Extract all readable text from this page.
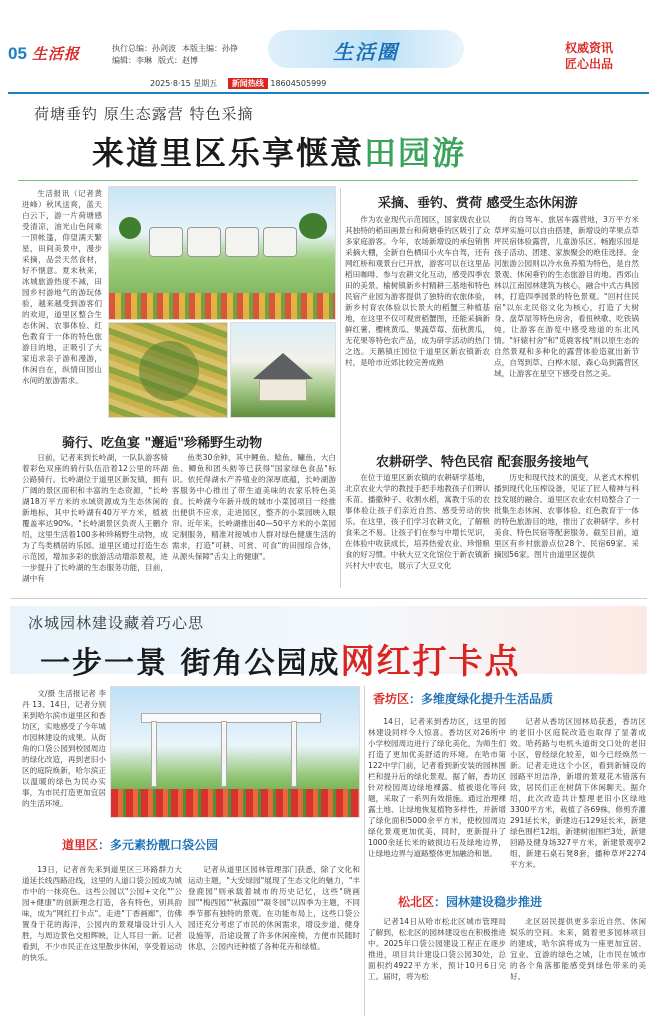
05 生活报	执行总编：孙剑波 本版主编：孙铮
编辑：李琳 版式：赵博	生活圈	权威资讯
匠心出品
2025·8·15 星期五 新闻热线 18604505999
荷塘垂钓 原生态露营 特色采摘
来道里区乐享惬意田园游

生活报讯（记者黄进峰）秋风送爽，蓝天白云下，游一片荷塘感受清凉，油光山色间乘一顶帐篷，仰望满天繁星，田间美景中，漫步采摘，品尝天然食材，好不惬意。夏末秋来，冰城旅游热度不减，田园乡村游地气的游玩体验，越来越受到游客们的欢迎，道里区整合生态休闲、农事体验、红色教育于一体的特色旅游目的地，正吸引了大家追求亲子游和漫游，休闲自在，纵情田园山水间的旅游需求。

采摘、垂钓、赏荷 感受生态休闲游

作为农业现代示范园区，国家级农业以其独特的稻田画景台和荷塘垂钓区吸引了众多家庭游客。今年，农场新增设的承包销售采摘大棚，全新自色栖田小火车自驾，还有网红桥和观景台已开放，游客可以在这里品稻田咖啡、参与农耕文化互动，感受四季农田的美景。榆树镇新乡村精耕三基地和特色民宿产业园为游客提供了独特的农旅体验，新乡村育农体验以长景大的稻蟹三种植基地，在这里不仅可观赏稻蟹图，还能采摘新鲜红薯、樱桃黄瓜、果蔬草莓、茄秋黄瓜，无花果等特色农产品，成为研学活动的热门之选。天鹅镇庄园位于道里区新农镇新农村，是哈市近郊比较完善成熟

的自驾车、旅居车露营地，3万平方米草坪实施可以自由搭建，新增设的苹果点草坪民宿体验露营，儿童游乐区、畅跑乐园是孩子活动、团建、家族聚会的绝佳选择。金河旅游公园则以冷水鱼养殖为特色，是自然景观、休闲垂钓的生态旅游目的地。西郊山林以江南园林建筑为核心，融合中式古典园林，打造四季园景的特色景观。"回村住民宿"以东北民俗文化为核心，打造了大树身、盘草屋等特色房舍，看扭秧歌、吃铁锅炖，让游客在游览中感受地道的东北风情。"轩辕村舍"和"觅鹿客栈"则以原生态的自然景观和多种化的露营体验造就出新节点，自驾到草、白桦木屋、森心岛到露营区域，让游客在星空下感受自然之美。

骑行、吃鱼宴 "邂逅"珍稀野生动物

日前，记者来到长岭湖，一队队游客骑着彩色双座的骑行队伍沿着12公里的环湖公路骑行。长岭湖位于道里区新发镇，拥有广阔的景区面积和丰富的生态资源，"长岭湖18万平方米的水域资源成为生态休闲的新地标，其中长岭湖有40万平方米，植被覆盖率达90%。"长岭湖景区负责人王鹏介绍，这里生活着100多种珍稀野生动物，成为了鸟类栖居的乐园。道里区通过打造生态示范园，增加多彩的旅游活动增添景观，进一步提升了长岭湖的生态服务功能，目前，湖中有

鱼类30余种，其中鲤鱼、鲶鱼、鳙鱼、大白鱼、鲫鱼和团头鲂等已获得"国家绿色食品"标识。依托得湖水产养殖业的深厚底蕴，长岭湖游客服务中心推出了带生道美味的农家乐特色美食。长岭湖今年新升级的城市小菜园项目一经推出便供不应求，走进园区，整齐的小菜园映入眼帘。近年来，长岭湖推出40—50平方米的小菜园定制服务，精准对接城市人群对绿色健康生活的需求，打造"可耕、可赏、可食"的田园综合体，从源头保障"舌尖上的健康"。

农耕研学、特色民宿 配套服务接地气

在位于道里区新农镇的农耕研学基地，北京农业大学的教授手把手地教孩子们辨认禾苗、播撒种子、收割水稻，寓教于乐的农事体验让孩子们亲近自然、感受劳动的快乐。在这里，孩子们学习农耕文化，了解粮食来之不易。让孩子们在参与中增长见识，在体验中收获成长，培养热爱农业、珍惜粮食的好习惯。中秋大豆文化馆位于新农镇新兴村大中农屯，展示了大豆文化

历史和现代技术的演变，从老式木榨机播到现代化压榨设备，见证了匠人精神与科技发展的融合。道里区农业农村局整合了一批集生态休闲、农事体验、红色教育于一体的特色旅游目的地，推出了农耕研学、乡村美食、特色民宿等配套服务。截至目前，道里区有乡村旅游点位28个、民宿69家、采摘园56家。图片由道里区提供

冰城园林建设藏着巧心思
一步一景 街角公园成网红打卡点

文/摄 生活报记者 李丹 13、14日，记者分别来到哈尔滨市道里区和香坊区，实地感受了今年城市园林建设的成果。从街角的口袋公园到校园周边的绿化改造，再到老旧小区的庭院焕新，哈尔滨正以温暖的绿色为民办实事，为市民打造更加宜居的生活环境。

香坊区：多维度绿化提升生活品质

14日，记者来到香坊区，这里的园林建设同样令人惊喜。香坊区对26所中小学校园周边进行了绿化美化，为师生们打造了更加优美舒适的环境。在哈市第122中学门前，记者看到新安装的园林围栏和提升后的绿化景观。据了解，香坊区针对校园周边绿地裸露、植被退化等问题，采取了一系列有效措施。通过治理裸露土地、让绿地恢复植物多样性，并新增了绿化面积5000余平方米，使校园周边绿化景观更加优美，同时，更新提升了1000余延长米的破损边石及绿地边界，让绿地边界与道路整体更加融洽和谐。

记者从香坊区园林局获悉，香坊区的老旧小区庭院改造也取得了显著成效。哈药路与电机头道街交口处的老旧小区，曾经绿化较差，如今已经焕然一新。记者走进这个小区，看到新铺设的园路平坦洁净，新增的景观花木错落有致，居民们正在树荫下休闲聊天。据介绍，此次改造共计整理老旧小区绿地3300平方米，栽植了各69株，修剪乔灌291延长米，新建边石129延长米，新建绿色围栏12组，新建树池围栏3处，新建回路及健身场327平方米，新建景观亭2组，新建石桌石凳8套，播种草坪2274平方米。

道里区：多元素扮靓口袋公园

13日，记者首先来到道里区三环路群力大道延长线西路沿线，这里的人道口袋公园成为城市中的一抹亮色。这些公园以"公园+文化""公园+健康"的创新理念打造，各有特色，别具韵味，成为"网红打卡点"。走进"丁香画廊"，仿佛置身于花的海洋，公园内的景观墙设计引人入胜，与周边景色交相辉映，让人耳目一新。记者看到，不少市民正在这里散步休闲，享受着运动的快乐。

记者从道里区园林管理部门获悉，除了文化和运动主题，"大安绿园"展现了生态文化的魅力，"丰登鹿园"则承载着城市的历史记忆，这些"晓画园""梅西园""秋露园""凝冬园"以四季为主题，不同季节都有独特的景观。在功能布局上，这些口袋公园还充分考虑了市民的休闲需求，增设步道、健身设施等，沿途设置了许多休闲座椅，方便市民随时休息，公园内还种植了各种花卉和绿植。

松北区：园林建设稳步推进

记者14日从哈市松北区城市管理局了解到，松北区的园林建设也在积极推进中。2025年口袋公园建设工程正在逐步推进，项目共计建设口袋公园30处，总面积约4922平方米，预计10月6日完工。届时，将为松

北区居民提供更多亲近自然、休闲娱乐的空间。未来，随着更多园林项目的建成，哈尔滨将成为一座更加宜居、宜业、宜游的绿色之城，让市民在城市的各个角落都能感受到绿色带来的美好。
